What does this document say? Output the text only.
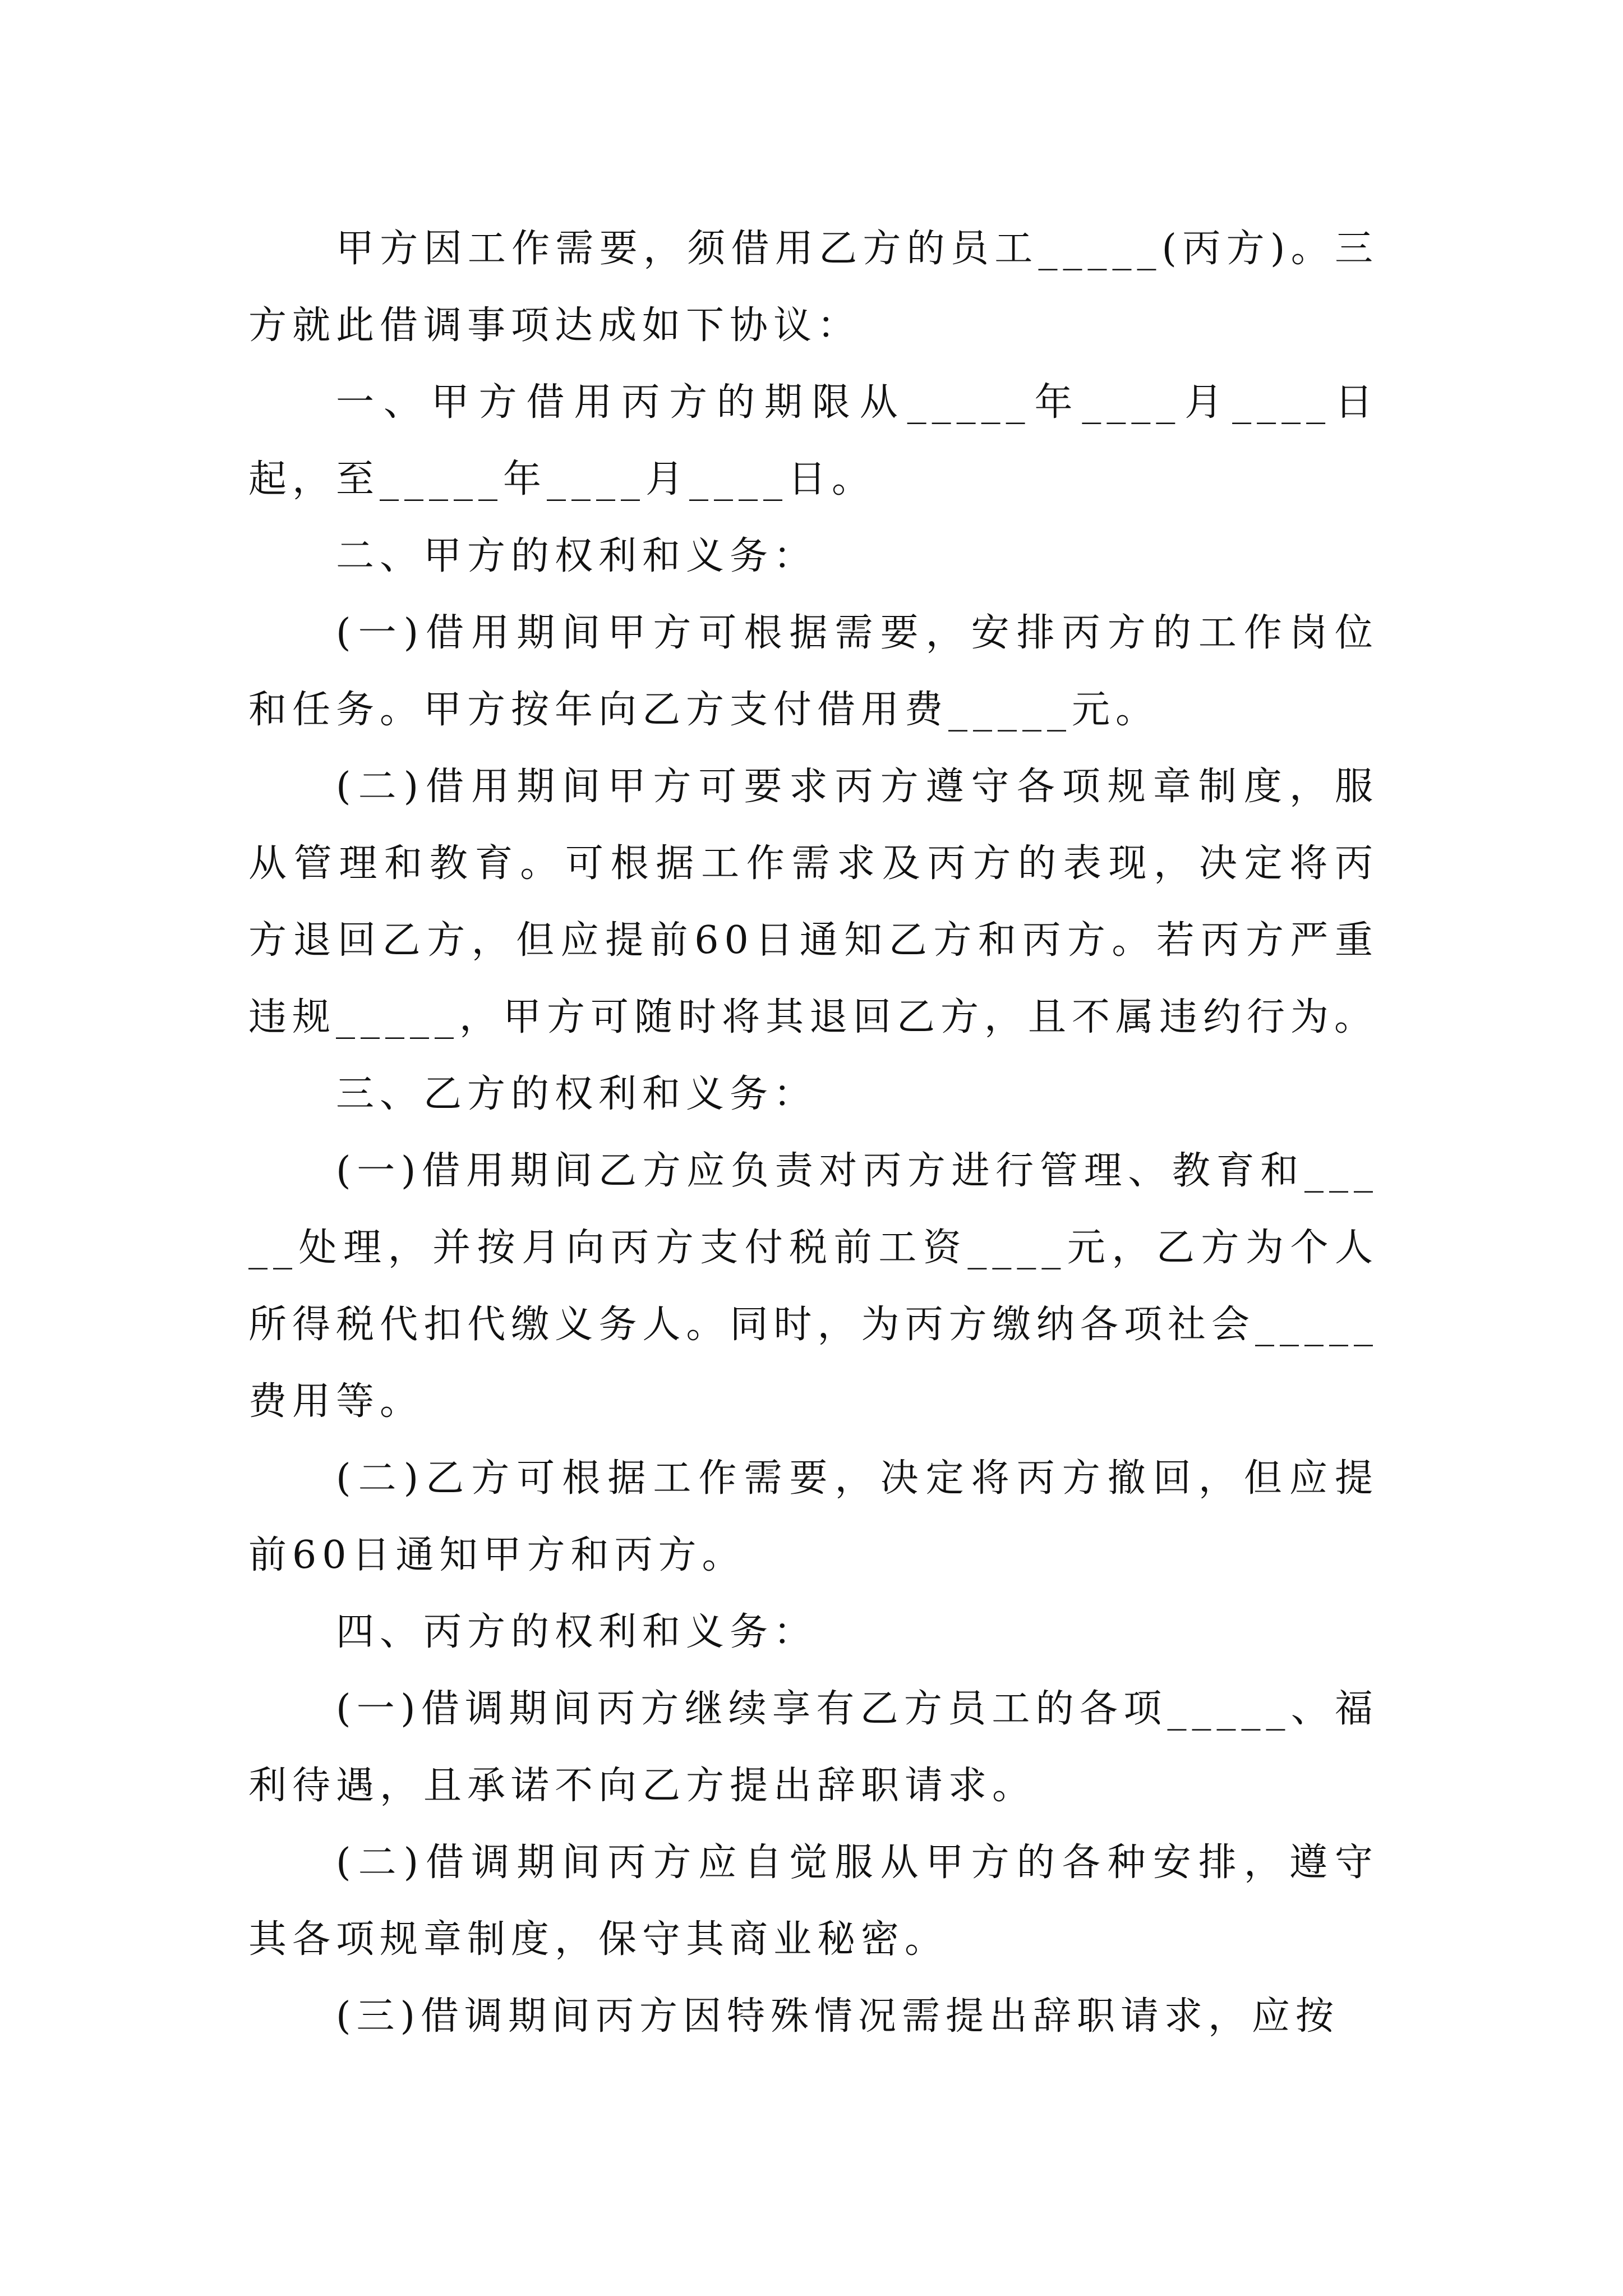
甲方因工作需要，须借用乙方的员工_____(丙方)。三方就此借调事项达成如下协议：

一、甲方借用丙方的期限从_____年____月____日起，至_____年____月____日。

二、甲方的权利和义务：

(一)借用期间甲方可根据需要，安排丙方的工作岗位和任务。甲方按年向乙方支付借用费_____元。

(二)借用期间甲方可要求丙方遵守各项规章制度，服从管理和教育。可根据工作需求及丙方的表现，决定将丙方退回乙方，但应提前60日通知乙方和丙方。若丙方严重违规_____，甲方可随时将其退回乙方，且不属违约行为。

三、乙方的权利和义务：

(一)借用期间乙方应负责对丙方进行管理、教育和_____处理，并按月向丙方支付税前工资____元，乙方为个人所得税代扣代缴义务人。同时，为丙方缴纳各项社会_____费用等。

(二)乙方可根据工作需要，决定将丙方撤回，但应提前60日通知甲方和丙方。

四、丙方的权利和义务：

(一)借调期间丙方继续享有乙方员工的各项_____、福利待遇，且承诺不向乙方提出辞职请求。

(二)借调期间丙方应自觉服从甲方的各种安排，遵守其各项规章制度，保守其商业秘密。

(三)借调期间丙方因特殊情况需提出辞职请求，应按
